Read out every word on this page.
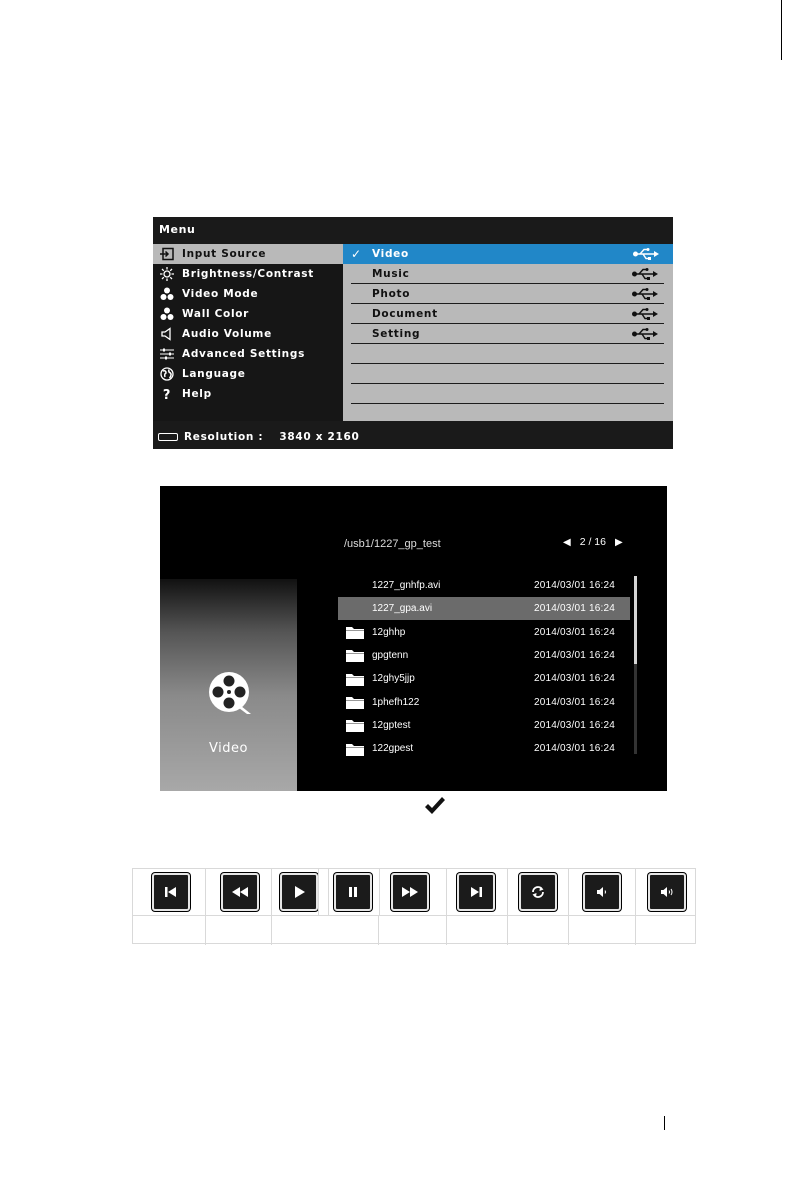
Menu
Input Source
Brightness/Contrast
Video Mode
Wall Color
Audio Volume
Advanced Settings
Language
? Help
✓ Video
Music
Photo
Document
Setting
Resolution : 3840 x 2160
Video
/usb1/1227_gp_test	◀ 2 / 16 ▶
1227_gnhfp.avi	2014/03/01 16:24
1227_gpa.avi	2014/03/01 16:24
12ghhp	2014/03/01 16:24
gpgtenn	2014/03/01 16:24
12ghy5jjp	2014/03/01 16:24
1phefh122	2014/03/01 16:24
12gptest	2014/03/01 16:24
122gpest	2014/03/01 16:24
